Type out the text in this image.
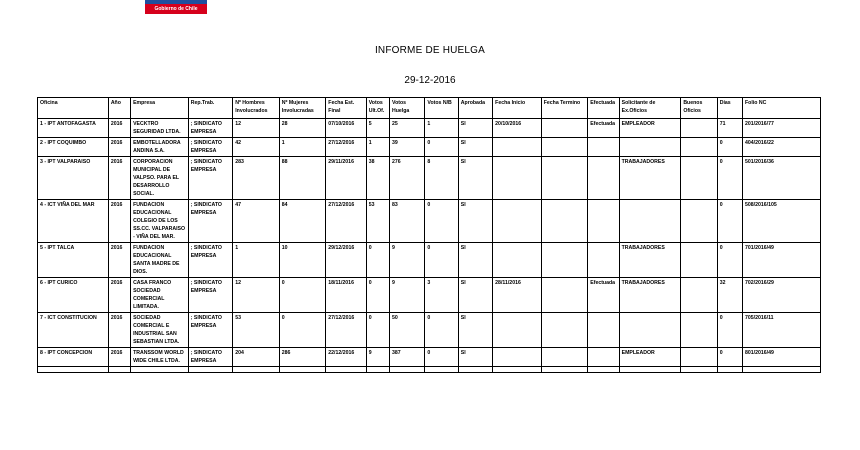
Gobierno de Chile
INFORME DE HUELGA
29-12-2016
Oficina	Año	Empresa	Rep.Trab.	Nº Hombres Involucrados	Nº Mujeres Involucradas	Fecha Est. Final	Votos Ult.Of.	Votos Huelga	Votos N/B	Aprobada	Fecha Inicio	Fecha Termino	Efectuada	Solicitante de Ex.Oficios	Buenos Oficios	Días	Folio NC
1 - IPT ANTOFAGASTA	2016	VECKTRO SEGURIDAD LTDA.	; SINDICATO EMPRESA	12	28	07/10/2016	5	25	1	SI	20/10/2016		Efectuada	EMPLEADOR		71	201/2016/77
2 - IPT COQUIMBO	2016	EMBOTELLADORA ANDINA S.A.	; SINDICATO EMPRESA	42	1	27/12/2016	1	39	0	SI						0	404/2016/22
3 - IPT VALPARAISO	2016	CORPORACION MUNICIPAL DE VALPSO. PARA EL DESARROLLO SOCIAL.	; SINDICATO EMPRESA	283	88	29/11/2016	38	276	8	SI				TRABAJADORES		0	501/2016/36
4 - ICT VIÑA DEL MAR	2016	FUNDACION EDUCACIONAL COLEGIO DE LOS SS.CC. VALPARAISO - VIÑA DEL MAR.	; SINDICATO EMPRESA	47	84	27/12/2016	53	83	0	SI						0	508/2016/105
5 - IPT TALCA	2016	FUNDACION EDUCACIONAL SANTA MADRE DE DIOS.	; SINDICATO EMPRESA	1	10	29/12/2016	0	9	0	SI				TRABAJADORES		0	701/2016/49
6 - IPT CURICO	2016	CASA FRANCO SOCIEDAD COMERCIAL LIMITADA.	; SINDICATO EMPRESA	12	0	18/11/2016	0	9	3	SI	28/11/2016		Efectuada	TRABAJADORES		32	702/2016/29
7 - ICT CONSTITUCION	2016	SOCIEDAD COMERCIAL E INDUSTRIAL SAN SEBASTIAN LTDA.	; SINDICATO EMPRESA	53	0	27/12/2016	0	50	0	SI						0	705/2016/11
8 - IPT CONCEPCION	2016	TRANSSOM WORLD WIDE CHILE LTDA.	; SINDICATO EMPRESA	204	286	22/12/2016	9	387	0	SI				EMPLEADOR		0	801/2016/49
